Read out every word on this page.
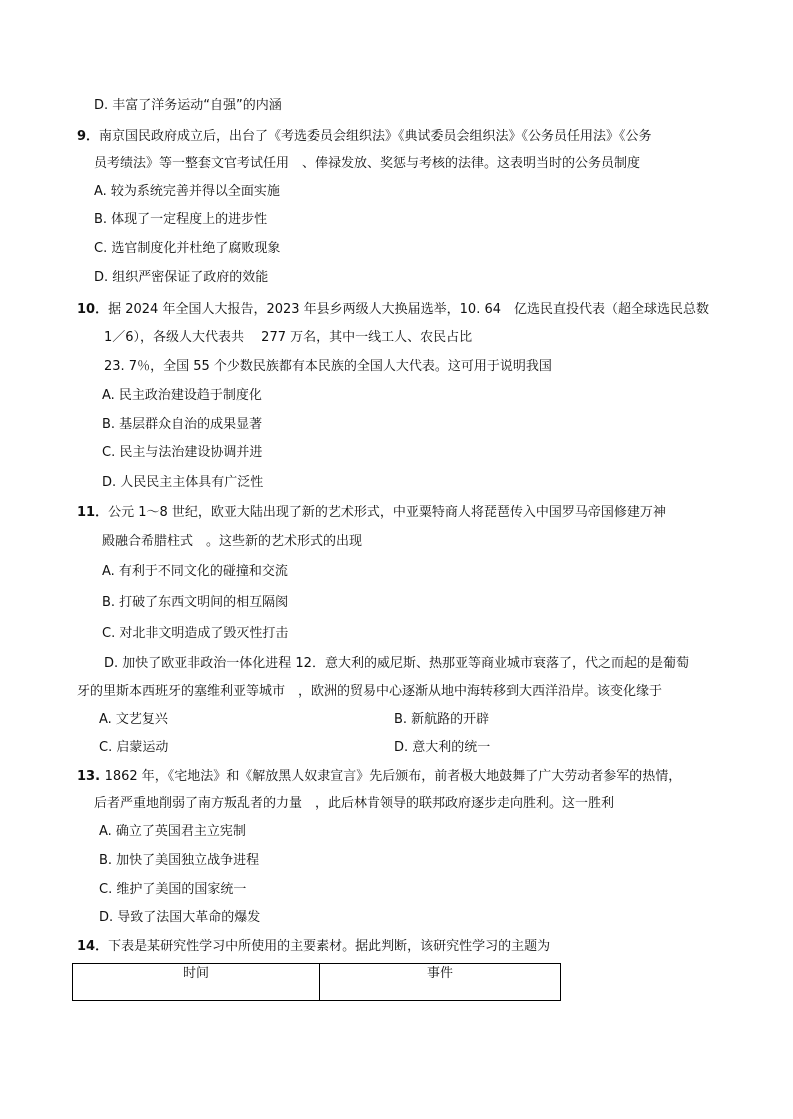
D. 丰富了洋务运动“自强”的内涵
9．南京国民政府成立后，出台了《考选委员会组织法》《典试委员会组织法》《公务员任用法》《公务
员考绩法》等一整套文官考试任用　、俸禄发放、奖惩与考核的法律。这表明当时的公务员制度
A. 较为系统完善并得以全面实施
B. 体现了一定程度上的进步性
C. 选官制度化并杜绝了腐败现象
D. 组织严密保证了政府的效能
10．据 2024 年全国人大报告，2023 年县乡两级人大换届选举，10. 64　亿选民直投代表（超全球选民总数
1／6），各级人大代表共　 277 万名，其中一线工人、农民占比
23. 7％，全国 55 个少数民族都有本民族的全国人大代表。这可用于说明我国
A. 民主政治建设趋于制度化
B. 基层群众自治的成果显著
C. 民主与法治建设协调并进
D. 人民民主主体具有广泛性
11．公元 1～8 世纪，欧亚大陆出现了新的艺术形式，中亚粟特商人将琵琶传入中国罗马帝国修建万神
殿融合希腊柱式　。这些新的艺术形式的出现
A. 有利于不同文化的碰撞和交流
B. 打破了东西文明间的相互隔阂
C. 对北非文明造成了毁灭性打击
D. 加快了欧亚非政治一体化进程 12．意大利的威尼斯、热那亚等商业城市衰落了，代之而起的是葡萄
牙的里斯本西班牙的塞维利亚等城市　，欧洲的贸易中心逐渐从地中海转移到大西洋沿岸。该变化缘于
A. 文艺复兴	B. 新航路的开辟
C. 启蒙运动	D. 意大利的统一
13. 1862 年，《宅地法》和《解放黑人奴隶宣言》先后颁布，前者极大地鼓舞了广大劳动者参军的热情，
后者严重地削弱了南方叛乱者的力量　，此后林肯领导的联邦政府逐步走向胜利。这一胜利
A. 确立了英国君主立宪制
B. 加快了美国独立战争进程
C. 维护了美国的国家统一
D. 导致了法国大革命的爆发
14．下表是某研究性学习中所使用的主要素材。据此判断，该研究性学习的主题为
时间	事件
